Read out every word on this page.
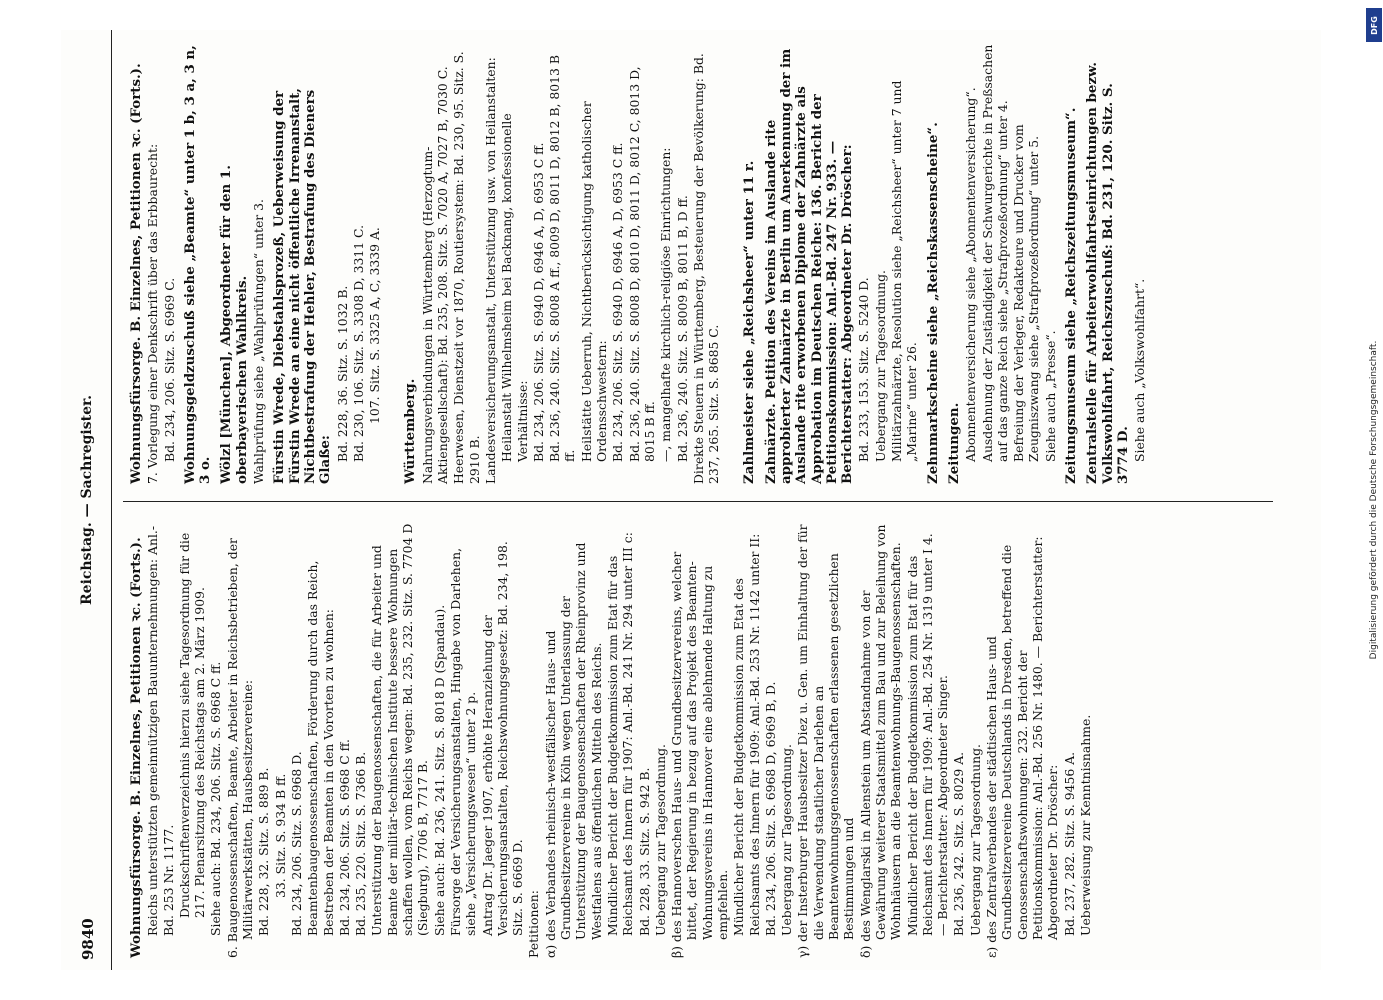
9840
Reichstag. — Sachregister.
Wohnungsfürsorge. B. Einzelnes, Petitionen ꝛc. (Forts.). Reichs unterstützten gemeinnützigen Bauunternehmungen: Anl.-Bd. 253 Nr. 1177. Druckschriftenverzeichnis hierzu siehe Tagesordnung für die 217. Plenarsitzung des Reichstags am 2. März 1909. Siehe auch: Bd. 234, 206. Sitz. S. 6968 C ff. 6. Baugenossenschaften, Beamte, Arbeiter in Reichsbetrieben, der Militärwerkstätten, Hausbesitzervereine: Bd. 228, 32. Sitz. S. 889 B. 33. Sitz. S. 934 B ff. Bd. 234, 206. Sitz. S. 6968 D. Beamtenbaugenossenschaften, Förderung durch das Reich, Bestreben der Beamten in den Vororten zu wohnen: Bd. 234, 206. Sitz. S. 6968 C ff. Bd. 235, 220. Sitz. S. 7366 B. Unterstützung der Baugenossenschaften, die für Arbeiter und Beamte der militär-technischen Institute bessere Wohnungen schaffen wollen, vom Reichs wegen: Bd. 235, 232. Sitz. S. 7704 D (Siegburg), 7706 B, 7717 B. Siehe auch: Bd. 236, 241. Sitz. S. 8018 D (Spandau). Fürsorge der Versicherungsanstalten, Hingabe von Darlehen, siehe „Versicherungswesen“ unter 2 p. Antrag Dr. Jaeger 1907, erhöhte Heranziehung der Versicherungsanstalten, Reichswohnungsgesetz: Bd. 234, 198. Sitz. S. 6669 D. Petitionen: α) des Verbandes rheinisch-westfälischer Haus- und Grundbesitzervereine in Köln wegen Unterlassung der Unterstützung der Baugenossenschaften der Rheinprovinz und Westfalens aus öffentlichen Mitteln des Reichs. Mündlicher Bericht der Budgetkommission zum Etat für das Reichsamt des Innern für 1907: Anl.-Bd. 241 Nr. 294 unter III c: Bd. 228, 33. Sitz. S. 942 B. Uebergang zur Tagesordnung. β) des Hannoverschen Haus- und Grundbesitzervereins, welcher bittet, der Regierung in bezug auf das Projekt des Beamten-Wohnungsvereins in Hannover eine ablehnende Haltung zu empfehlen. Mündlicher Bericht der Budgetkommission zum Etat des Reichsamts des Innern für 1909: Anl.-Bd. 253 Nr. 1142 unter II: Bd. 234, 206. Sitz. S. 6968 D, 6969 B, D. Uebergang zur Tagesordnung. γ) der Insterburger Hausbesitzer Diez u. Gen. um Einhaltung der für die Verwendung staatlicher Darlehen an Beamtenwohnungsgenossenschaften erlassenen gesetzlichen Bestimmungen und δ) des Wenglarski in Allenstein um Abstandnahme von der Gewährung weiterer Staatsmittel zum Bau und zur Beleihung von Wohnhäusern an die Beamtenwohnungs-Baugenossenschaften. Mündlicher Bericht der Budgetkommission zum Etat für das Reichsamt des Innern für 1909: Anl.-Bd. 254 Nr. 1319 unter I 4. — Berichterstatter: Abgeordneter Singer. Bd. 236, 242. Sitz. S. 8029 A. Uebergang zur Tagesordnung. ε) des Zentralverbandes der städtischen Haus- und Grundbesitzervereine Deutschlands in Dresden, betreffend die Genossenschaftswohnungen: 232. Bericht der Petitionskommission: Anl.-Bd. 256 Nr. 1480. — Berichterstatter: Abgeordneter Dr. Dröscher: Bd. 237, 282. Sitz. S. 9456 A. Ueberweisung zur Kenntnisnahme.
Wohnungsfürsorge. B. Einzelnes, Petitionen ꝛc. (Forts.). 7. Vorlegung einer Denkschrift über das Erbbaurecht: Bd. 234, 206. Sitz. S. 6969 C. Wohnungsgeldzuschuß siehe „Beamte“ unter 1 b, 3 a, 3 n, 3 o. Wölzl [München], Abgeordneter für den 1. oberbayerischen Wahlkreis. Wahlprüfung siehe „Wahlprüfungen“ unter 3. Fürstin Wrede, Diebstahlsprozeß, Ueberweisung der Fürstin Wrede an eine nicht öffentliche Irrenanstalt, Nichtbestrafung der Hehler, Bestrafung des Dieners Glaße: Bd. 228, 36. Sitz. S. 1032 B. Bd. 230, 106. Sitz. S. 3308 D, 3311 C. 107. Sitz. S. 3325 A, C, 3339 A.
Württemberg. Nahrungsverbindungen in Württemberg (Herzogtum-Aktiengesellschaft): Bd. 235, 208. Sitz. S. 7020 A, 7027 B, 7030 C. Heerwesen, Dienstzeit vor 1870, Routiersystem: Bd. 230, 95. Sitz. S. 2910 B. Landesversicherungsanstalt, Unterstützung usw. von Heilanstalten: Heilanstalt Wilhelmsheim bei Backnang, konfessionelle Verhältnisse: Bd. 234, 206. Sitz. S. 6940 D, 6946 A, D, 6953 C ff. Bd. 236, 240. Sitz. S. 8008 A ff., 8009 D, 8011 D, 8012 B, 8013 B ff. Heilstätte Ueberruh, Nichtberücksichtigung katholischer Ordensschwestern: Bd. 234, 206. Sitz. S. 6940 D, 6946 A, D, 6953 C ff. Bd. 236, 240. Sitz. S. 8008 D, 8010 D, 8011 D, 8012 C, 8013 D, 8015 B ff. —, mangelhafte kirchlich-religiöse Einrichtungen: Bd. 236, 240. Sitz. S. 8009 B, 8011 B, D ff. Direkte Steuern in Württemberg, Besteuerung der Bevölkerung: Bd. 237, 265. Sitz. S. 8685 C. Zahlmeister siehe „Reichsheer“ unter 11 r. Zahnärzte. Petition des Vereins im Auslande rite approbierter Zahnärzte in Berlin um Anerkennung der im Auslande rite erworbenen Diplome der Zahnärzte als Approbation im Deutschen Reiche: 136. Bericht der Petitionskommission: Anl.-Bd. 247 Nr. 933. — Berichterstatter: Abgeordneter Dr. Dröscher: Bd. 233, 153. Sitz. S. 5240 D. Uebergang zur Tagesordnung. Militärzahnärzte, Resolution siehe „Reichsheer“ unter 7 und „Marine“ unter 26. Zehnmarkscheine siehe „Reichskassenscheine“. Zeitungen. Abonnentenversicherung siehe „Abonnentenversicherung“. Ausdehnung der Zuständigkeit der Schwurgerichte in Preßsachen auf das ganze Reich siehe „Strafprozeßordnung“ unter 4. Befreiung der Verleger, Redakteure und Drucker vom Zeugniszwang siehe „Strafprozeßordnung“ unter 5. Siehe auch „Presse“. Zeitungsmuseum siehe „Reichszeitungsmuseum“. Zentralstelle für Arbeiterwohlfahrtseinrichtungen bezw. Volkswohlfahrt, Reichszuschuß: Bd. 231, 120. Sitz. S. 3774 D. Siehe auch „Volkswohlfahrt“.	Digitalisierung gefördert durch die Deutsche Forschungsgemeinschaft.
DFG
